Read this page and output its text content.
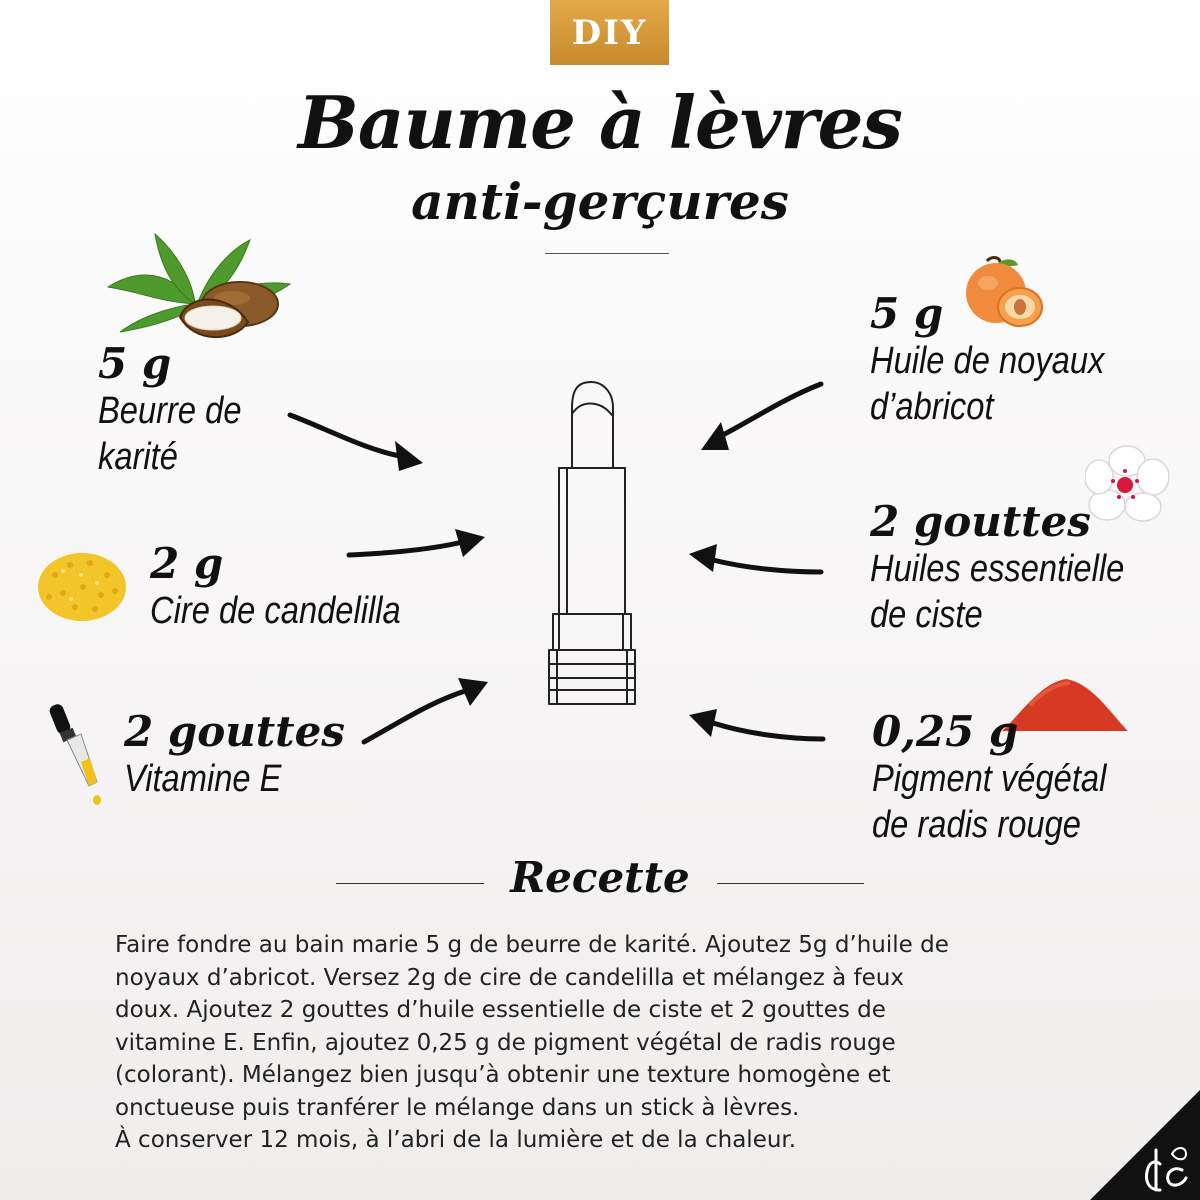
DIY
Baume à lèvres
anti-gerçures
5 g
Beurre de
karité
2 g
Cire de candelilla
2 gouttes
Vitamine E
5 g
Huile de noyaux
d’abricot
2 gouttes
Huiles essentielle
de ciste
0,25 g
Pigment végétal
de radis rouge
Recette
Faire fondre au bain marie 5 g de beurre de karité. Ajoutez 5g d’huile de
noyaux d’abricot. Versez 2g de cire de candelilla et mélangez à feux
doux. Ajoutez 2 gouttes d’huile essentielle de ciste et 2 gouttes de
vitamine E. Enfin, ajoutez 0,25 g de pigment végétal de radis rouge
(colorant). Mélangez bien jusqu’à obtenir une texture homogène et
onctueuse puis tranférer le mélange dans un stick à lèvres.
À conserver 12 mois, à l’abri de la lumière et de la chaleur.
